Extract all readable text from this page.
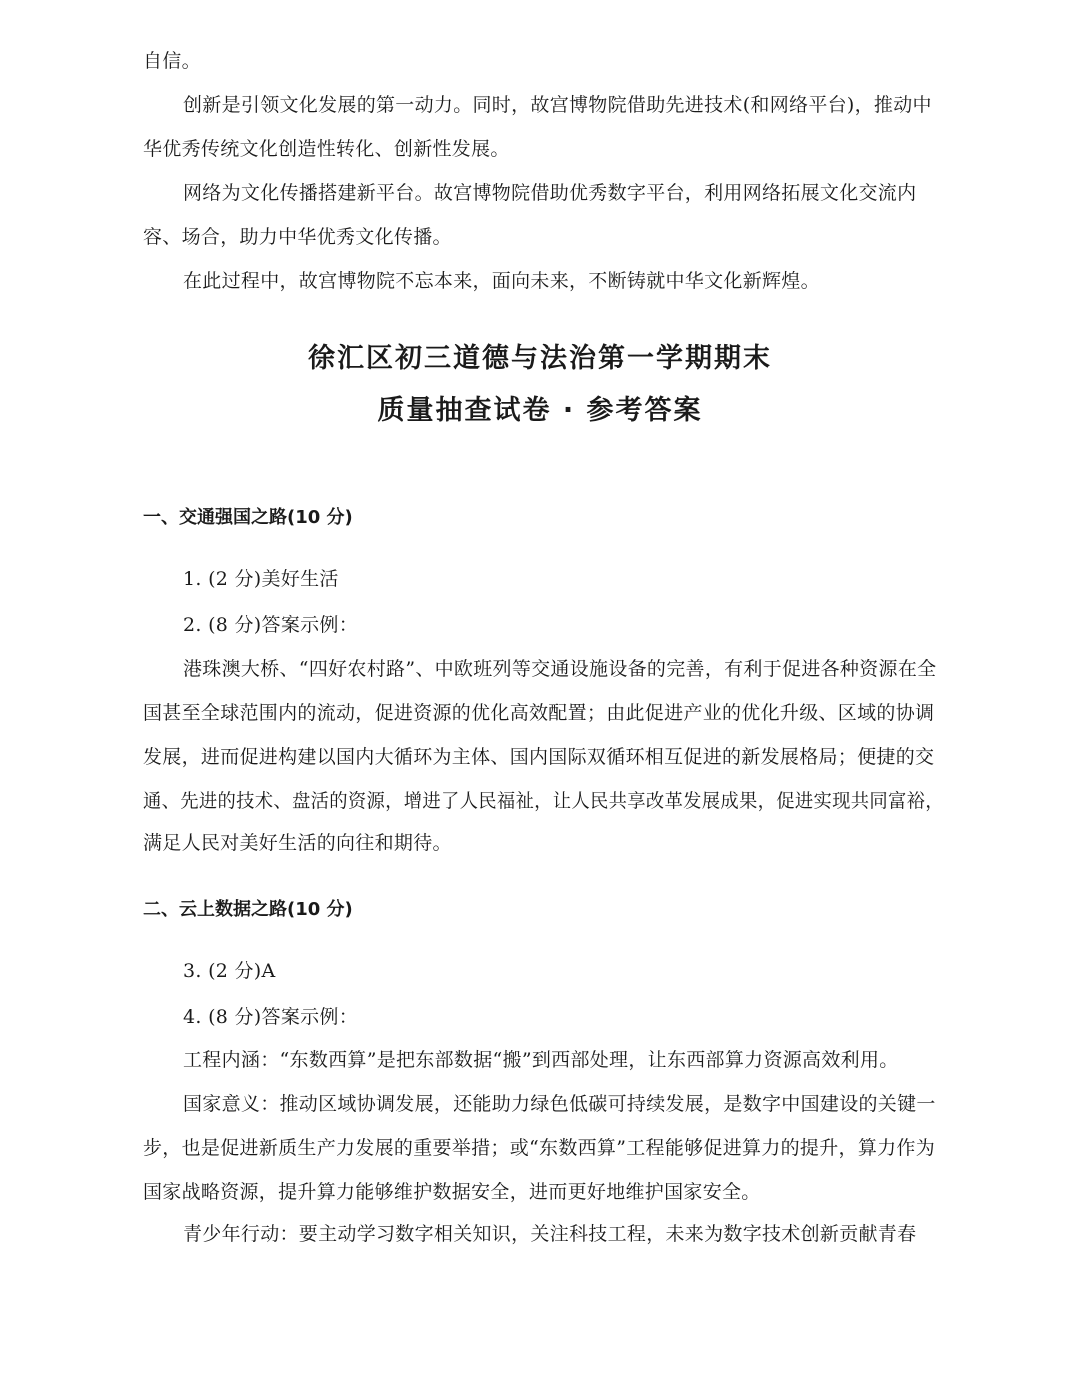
自信。
创新是引领文化发展的第一动力。同时，故宫博物院借助先进技术(和网络平台)，推动中
华优秀传统文化创造性转化、创新性发展。
网络为文化传播搭建新平台。故宫博物院借助优秀数字平台，利用网络拓展文化交流内
容、场合，助力中华优秀文化传播。
在此过程中，故宫博物院不忘本来，面向未来，不断铸就中华文化新辉煌。
徐汇区初三道德与法治第一学期期末
质量抽查试卷 · 参考答案
一、交通强国之路(10 分)
1. (2 分)美好生活
2. (8 分)答案示例：
港珠澳大桥、“四好农村路”、中欧班列等交通设施设备的完善，有利于促进各种资源在全
国甚至全球范围内的流动，促进资源的优化高效配置；由此促进产业的优化升级、区域的协调
发展，进而促进构建以国内大循环为主体、国内国际双循环相互促进的新发展格局；便捷的交
通、先进的技术、盘活的资源，增进了人民福祉，让人民共享改革发展成果，促进实现共同富裕，
满足人民对美好生活的向往和期待。
二、云上数据之路(10 分)
3. (2 分)A
4. (8 分)答案示例：
工程内涵：“东数西算”是把东部数据“搬”到西部处理，让东西部算力资源高效利用。
国家意义：推动区域协调发展，还能助力绿色低碳可持续发展，是数字中国建设的关键一
步，也是促进新质生产力发展的重要举措；或“东数西算”工程能够促进算力的提升，算力作为
国家战略资源，提升算力能够维护数据安全，进而更好地维护国家安全。
青少年行动：要主动学习数字相关知识，关注科技工程，未来为数字技术创新贡献青春
